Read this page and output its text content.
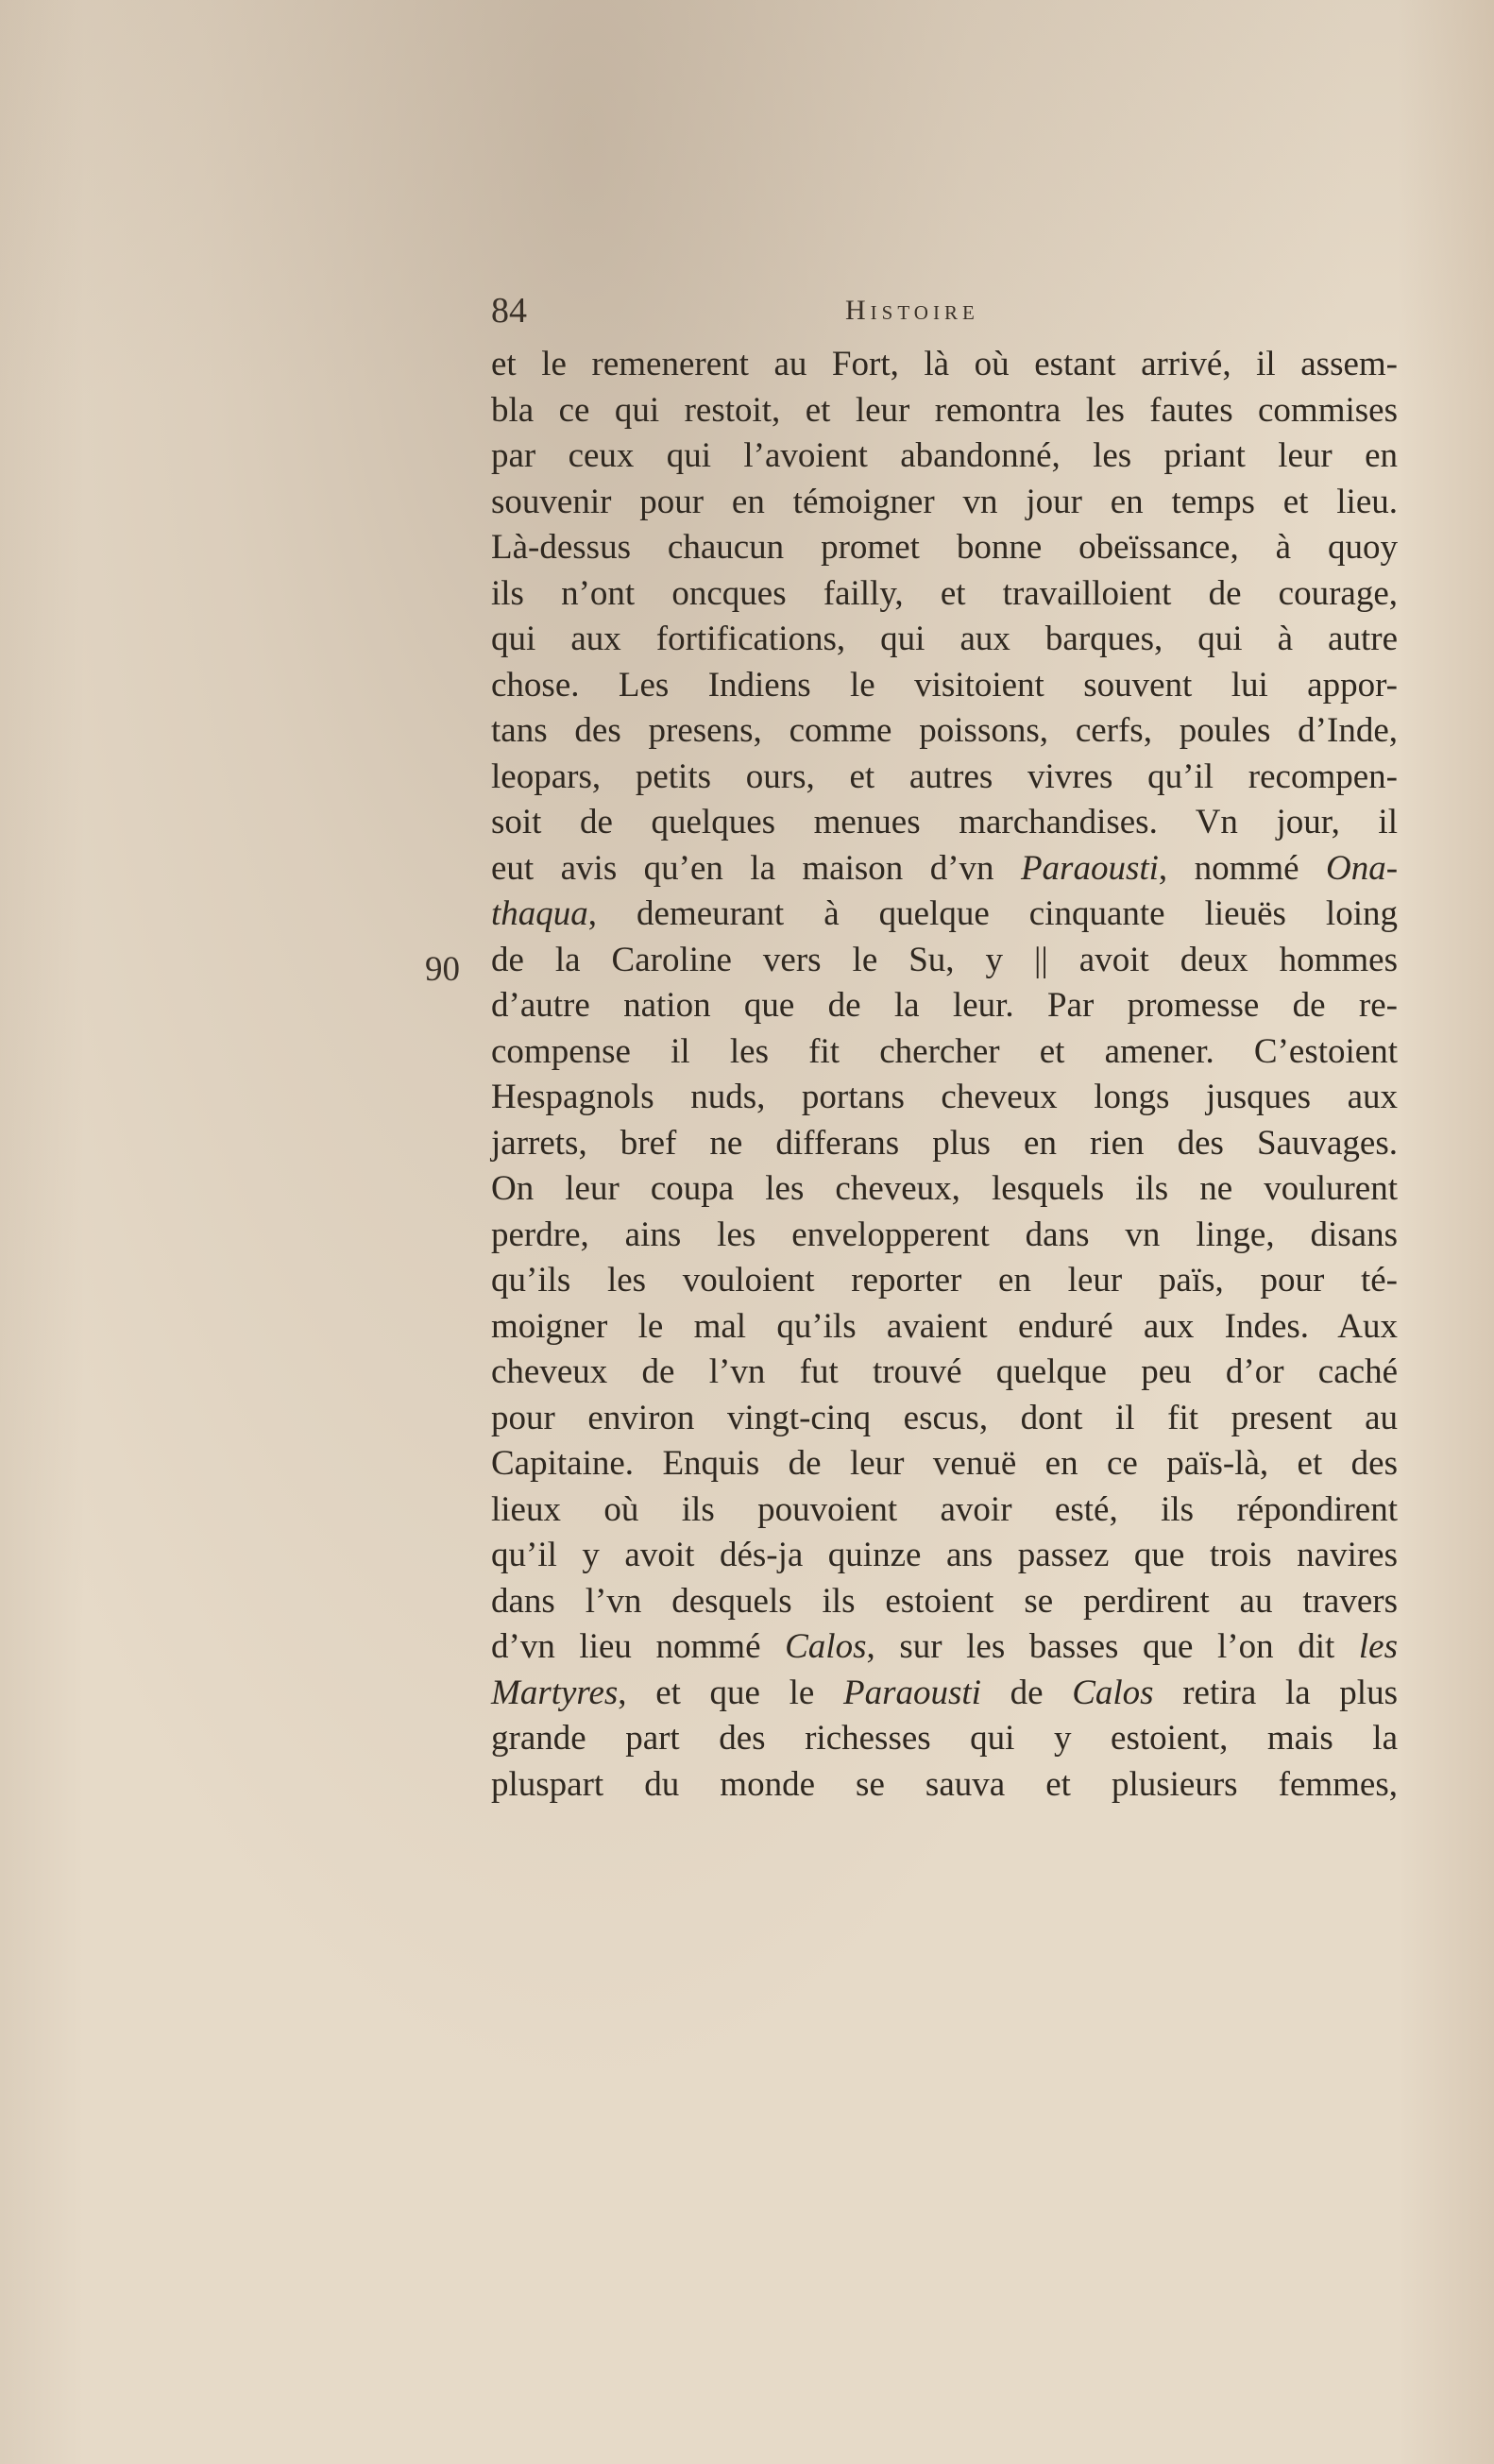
84	Histoire
90
et le remenerent au Fort, là où estant arrivé, il assem-
bla ce qui restoit, et leur remontra les fautes commises
par ceux qui l’avoient abandonné, les priant leur en
souvenir pour en témoigner vn jour en temps et lieu.
Là-dessus chaucun promet bonne obeïssance, à quoy
ils n’ont oncques failly, et travailloient de courage,
qui aux fortifications, qui aux barques, qui à autre
chose. Les Indiens le visitoient souvent lui appor-
tans des presens, comme poissons, cerfs, poules d’Inde,
leopars, petits ours, et autres vivres qu’il recompen-
soit de quelques menues marchandises. Vn jour, il
eut avis qu’en la maison d’vn Paraousti, nommé Ona-
thaqua, demeurant à quelque cinquante lieuës loing
de la Caroline vers le Su, y || avoit deux hommes
d’autre nation que de la leur. Par promesse de re-
compense il les fit chercher et amener. C’estoient
Hespagnols nuds, portans cheveux longs jusques aux
jarrets, bref ne differans plus en rien des Sauvages.
On leur coupa les cheveux, lesquels ils ne voulurent
perdre, ains les envelopperent dans vn linge, disans
qu’ils les vouloient reporter en leur païs, pour té-
moigner le mal qu’ils avaient enduré aux Indes. Aux
cheveux de l’vn fut trouvé quelque peu d’or caché
pour environ vingt-cinq escus, dont il fit present au
Capitaine. Enquis de leur venuë en ce païs-là, et des
lieux où ils pouvoient avoir esté, ils répondirent
qu’il y avoit dés-ja quinze ans passez que trois navires
dans l’vn desquels ils estoient se perdirent au travers
d’vn lieu nommé Calos, sur les basses que l’on dit les
Martyres, et que le Paraousti de Calos retira la plus
grande part des richesses qui y estoient, mais la
pluspart du monde se sauva et plusieurs femmes,
